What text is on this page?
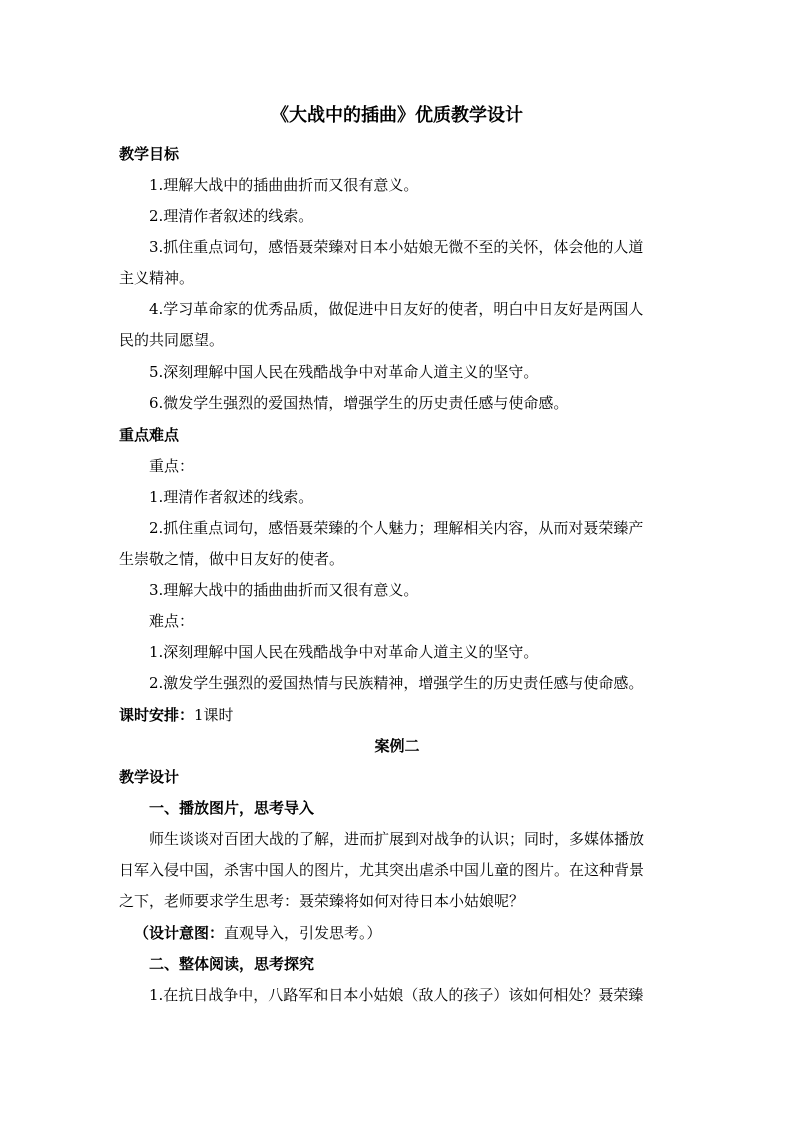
《大战中的插曲》优质教学设计
教学目标
1.理解大战中的插曲曲折而又很有意义。
2.理清作者叙述的线索。
3.抓住重点词句，感悟聂荣臻对日本小姑娘无微不至的关怀，体会他的人道
主义精神。
4.学习革命家的优秀品质，做促进中日友好的使者，明白中日友好是两国人
民的共同愿望。
5.深刻理解中国人民在残酷战争中对革命人道主义的坚守。
6.微发学生强烈的爱国热情，增强学生的历史责任感与使命感。
重点难点
重点：
1.理清作者叙述的线索。
2.抓住重点词句，感悟聂荣臻的个人魅力；理解相关内容，从而对聂荣臻产
生崇敬之情，做中日友好的使者。
3.理解大战中的插曲曲折而又很有意义。
难点：
1.深刻理解中国人民在残酷战争中对革命人道主义的坚守。
2.激发学生强烈的爱国热情与民族精神，增强学生的历史责任感与使命感。
课时安排：1课时
案例二
教学设计
一、播放图片，思考导入
师生谈谈对百团大战的了解，进而扩展到对战争的认识；同时，多媒体播放
日军入侵中国，杀害中国人的图片，尤其突出虐杀中国儿童的图片。在这种背景
之下，老师要求学生思考：聂荣臻将如何对待日本小姑娘呢？
（设计意图：直观导入，引发思考。）
二、整体阅读，思考探究
1.在抗日战争中，八路军和日本小姑娘（敌人的孩子）该如何相处？聂荣臻
